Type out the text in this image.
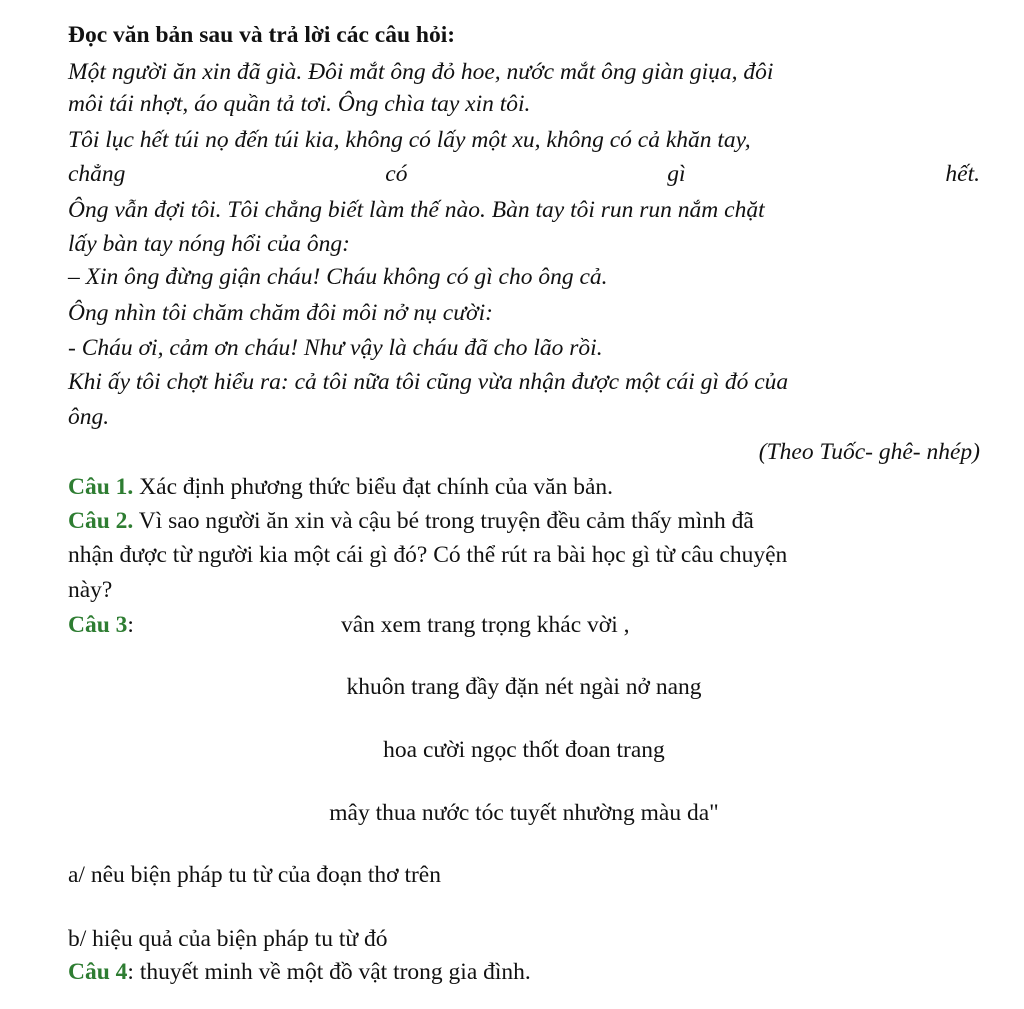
Đọc văn bản sau và trả lời các câu hỏi:
Một người ăn xin đã già. Đôi mắt ông đỏ hoe, nước mắt ông giàn giụa, đôi
môi tái nhợt, áo quần tả tơi. Ông chìa tay xin tôi.
Tôi lục hết túi nọ đến túi kia, không có lấy một xu, không có cả khăn tay,
chẳng	có	gì	hết.
Ông vẫn đợi tôi. Tôi chẳng biết làm thế nào. Bàn tay tôi run run nắm chặt
lấy bàn tay nóng hổi của ông:
– Xin ông đừng giận cháu! Cháu không có gì cho ông cả.
Ông nhìn tôi chăm chăm đôi môi nở nụ cười:
- Cháu ơi, cảm ơn cháu! Như vậy là cháu đã cho lão rồi.
Khi ấy tôi chợt hiểu ra: cả tôi nữa tôi cũng vừa nhận được một cái gì đó của
ông.
(Theo Tuốc- ghê- nhép)
Câu 1. Xác định phương thức biểu đạt chính của văn bản.
Câu 2. Vì sao người ăn xin và cậu bé trong truyện đều cảm thấy mình đã
nhận được từ người kia một cái gì đó? Có thể rút ra bài học gì từ câu chuyện
này?
Câu 3:	vân xem trang trọng khác vời ,
khuôn trang đầy đặn nét ngài nở nang
hoa cười ngọc thốt đoan trang
mây thua nước tóc tuyết nhường màu da"
a/ nêu biện pháp tu từ của đoạn thơ trên
b/ hiệu quả của biện pháp tu từ đó
Câu 4: thuyết minh về một đồ vật trong gia đình.
